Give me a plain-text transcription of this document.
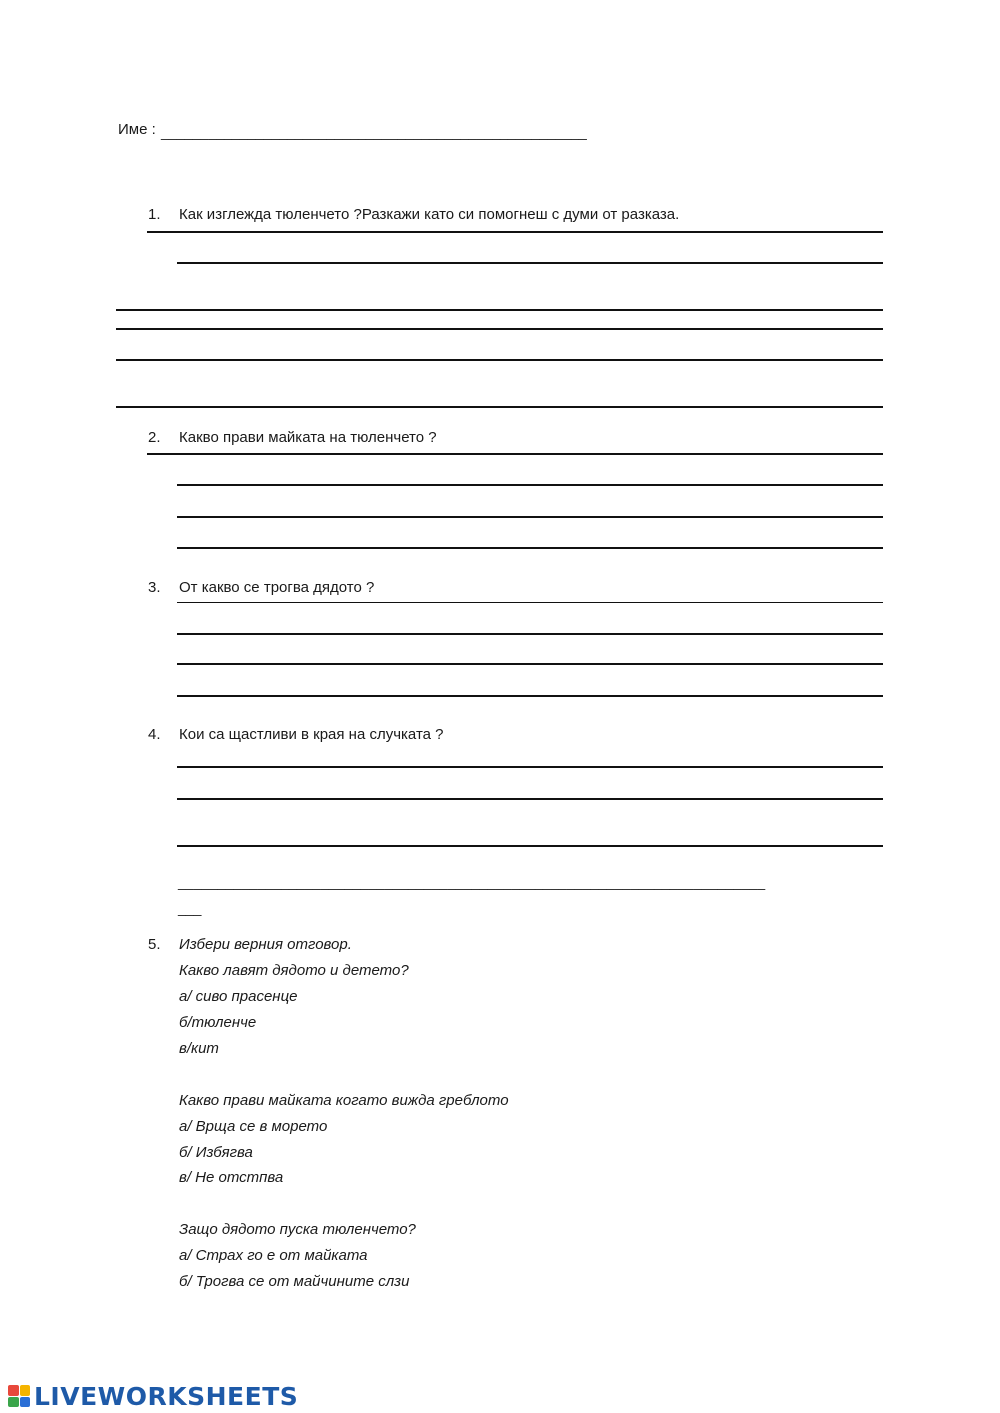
Име : ______________________________________________________
1. Как изглежда тюленчето ?Разкажи като си помогнеш с думи от разказа.
2. Какво прави майката на тюленчето ?
3. От какво се трогва дядото ?
4. Кои са щастливи в края на случката ?
__________________________________________________________________________
___
5. Избери верния отговор.
Какво лавят дядото и детето?
а/ сиво прасенце
б/тюленче
в/кит
Какво прави майката когато вижда греблото
а/ Врща се в морето
б/ Избягва
в/ Не отстпва
Защо дядото пуска тюленчето?
а/ Страх го е от майката
б/ Трогва се от майчините слзи
LIVEWORKSHEETS
